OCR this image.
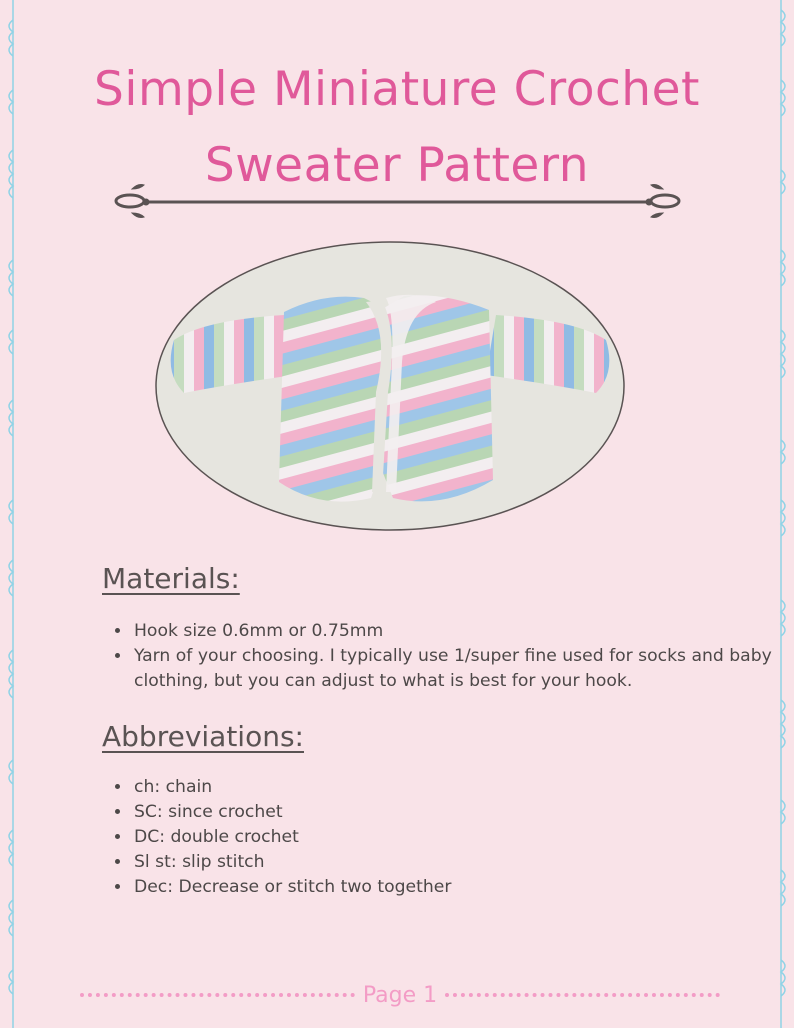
Simple Miniature Crochet
Sweater Pattern
Materials:
• Hook size 0.6mm or 0.75mm
• Yarn of your choosing. I typically use 1/super fine used for socks and baby clothing, but you can adjust to what is best for your hook.
Abbreviations:
• ch: chain
• SC: since crochet
• DC: double crochet
• Sl st: slip stitch
• Dec: Decrease or stitch two together
Page 1
